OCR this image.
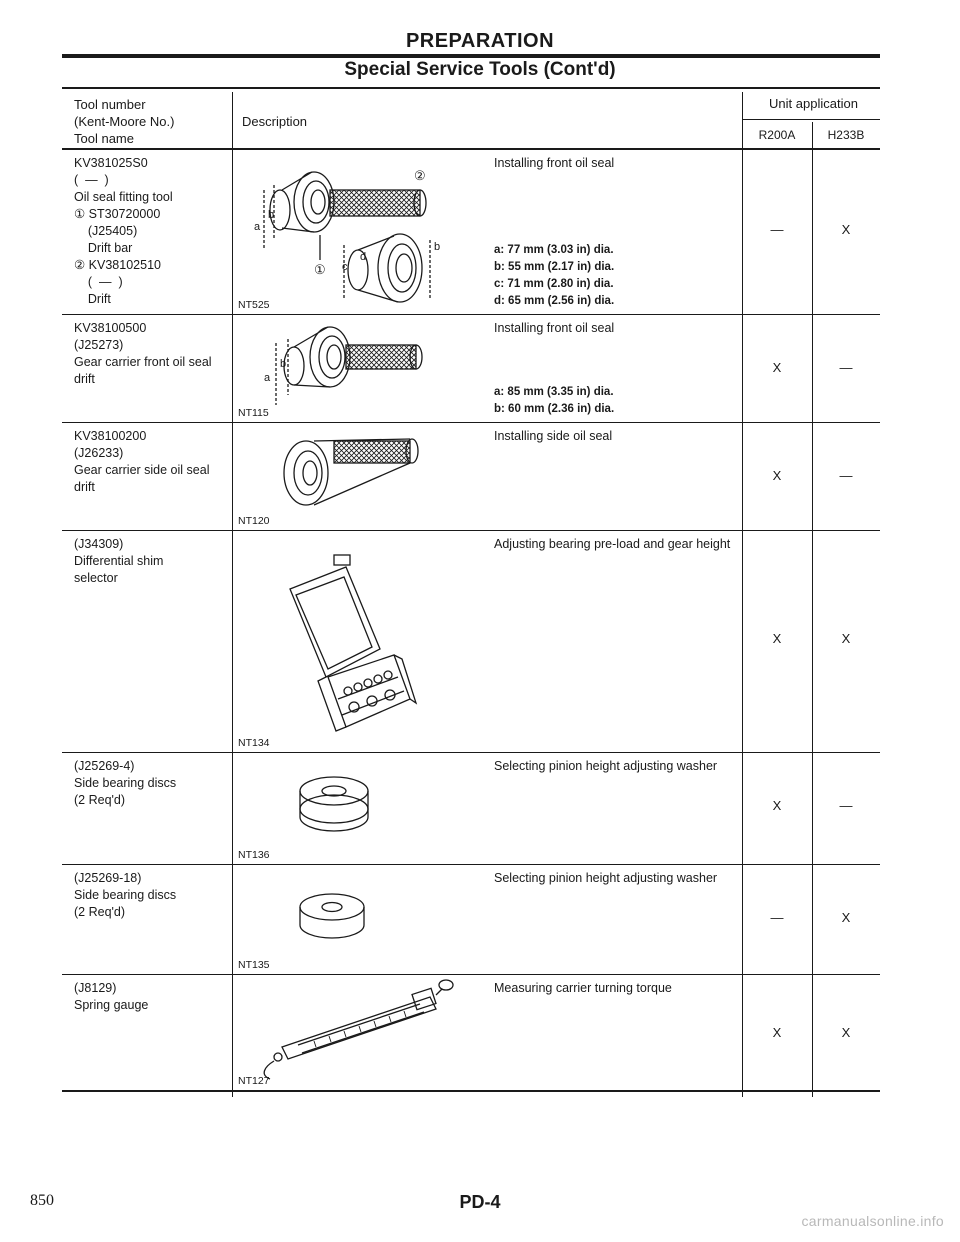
PREPARATION
Special Service Tools (Cont'd)
Tool number
(Kent-Moore No.)
Tool name
Description
Unit application
R200A	H233B
KV381025S0
(  —  )
Oil seal fitting tool
① ST30720000
(J25405)
Drift bar
② KV38102510
(  —  )
Drift
a
b
c
d
b
①
②
NT525
Installing front oil seal
a: 77 mm (3.03 in) dia.
b: 55 mm (2.17 in) dia.
c: 71 mm (2.80 in) dia.
d: 65 mm (2.56 in) dia.
—	X
KV38100500
(J25273)
Gear carrier front oil seal
drift	a
b
NT115
Installing front oil seal
a: 85 mm (3.35 in) dia.
b: 60 mm (2.36 in) dia.
X	—
KV38100200
(J26233)
Gear carrier side oil seal
drift
NT120
Installing side oil seal
X	—
(J34309)
Differential shim
selector
NT134
Adjusting bearing pre-load and gear height
X	X
(J25269-4)
Side bearing discs
(2 Req'd)
NT136
Selecting pinion height adjusting washer
X	—
(J25269-18)
Side bearing discs
(2 Req'd)
NT135
Selecting pinion height adjusting washer
—	X
(J8129)
Spring gauge
NT127
Measuring carrier turning torque
X	X
850	PD-4
carmanualsonline.info
